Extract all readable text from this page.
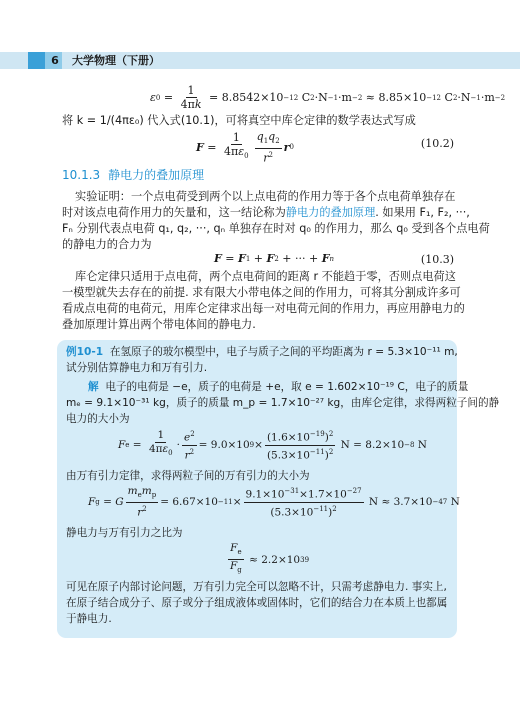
6	大学物理（下册）
ε $0 = \frac{1}{4\pi k} = 8.8542\times 10 -12$ C 2 ·N −1 ·m −2 ≈ 8.85×10 −12 C 2 ·N −1 ·m −2
将 k = 1/(4πε₀) 代入式(10.1)，可将真空中库仑定律的数学表达式写成
$F = \frac{1}{4\pi\varepsilon_0} \frac{q_1q_2}{r^2}$ r 0	(10.2)
10.1.3 静电力的叠加原理
实验证明：一个点电荷受到两个以上点电荷的作用力等于各个点电荷单独存在
时对该点电荷作用力的矢量和，这一结论称为静电力的叠加原理. 如果用 F₁, F₂, ···,
Fₙ 分别代表点电荷 q₁, q₂, ···, qₙ 单独存在时对 q₀ 的作用力，那么 q₀ 受到各个点电荷
的静电力的合力为
F = F 1 + F 2 + ··· + F n	(10.3)
库仑定律只适用于点电荷，两个点电荷间的距离 r 不能趋于零，否则点电荷这
一模型就失去存在的前提. 求有限大小带电体之间的作用力，可将其分割成许多可
看成点电荷的电荷元，用库仑定律求出每一对电荷元间的作用力，再应用静电力的
叠加原理计算出两个带电体间的静电力.
例10-1 在氢原子的玻尔模型中，电子与质子之间的平均距离为 r = 5.3×10⁻¹¹ m,
试分别估算静电力和万有引力.
解 电子的电荷是 −e，质子的电荷是 +e，取 e = 1.602×10⁻¹⁹ C，电子的质量
mₑ = 9.1×10⁻³¹ kg，质子的质量 m_p = 1.7×10⁻²⁷ kg，由库仑定律，求得两粒子间的静
电力的大小为
F $e = \frac{1}{4\pi\varepsilon_0} \cdot \frac{e^2}{r^2} = 9.0\times 10$ $9 \times \frac{(1.6\times 10^{-19})^2}{(5.3\times 10^{-11})^2}$ N = 8.2×10 −8 N
由万有引力定律，求得两粒子间的万有引力的大小为
F g = G $\frac{m_em_p}{r^2} = 6.67\times 10 -11 \times \frac{9.1\times 10^{-31}\times 1.7\times 10^{-27}}{(5.3\times 10^{-11})^2}$ N ≈ 3.7×10 −47 N
静电力与万有引力之比为
$\frac{F_e}{F_g} \approx 2.2\times 10$ 39
可见在原子内部讨论问题，万有引力完全可以忽略不计，只需考虑静电力. 事实上,
在原子结合成分子、原子或分子组成液体或固体时，它们的结合力在本质上也都属
于静电力.
